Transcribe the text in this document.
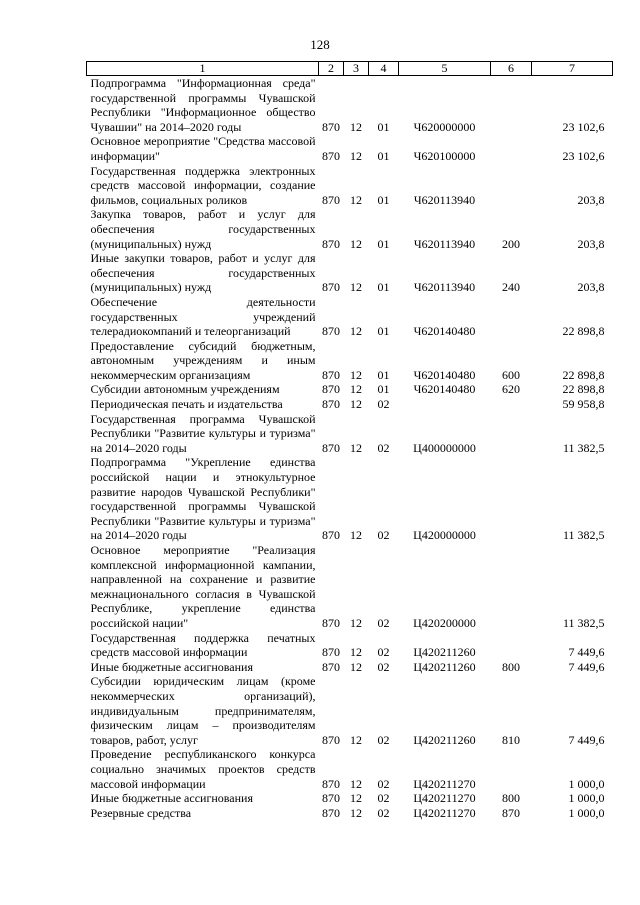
128
1	2	3	4	5	6	7
Подпрограмма "Информационная среда" государственной программы Чувашской Республики "Информационное общество Чувашии" на 2014–2020 годы	870	12	01	Ч620000000		23 102,6
Основное мероприятие "Средства массовой информации"	870	12	01	Ч620100000		23 102,6
Государственная поддержка электронных средств массовой информации, создание фильмов, социальных роликов	870	12	01	Ч620113940		203,8
Закупка товаров, работ и услуг для обеспечения государственных (муниципальных) нужд	870	12	01	Ч620113940	200	203,8
Иные закупки товаров, работ и услуг для обеспечения государственных (муниципальных) нужд	870	12	01	Ч620113940	240	203,8
Обеспечение деятельности государственных учреждений телерадиокомпаний и телеорганизаций	870	12	01	Ч620140480		22 898,8
Предоставление субсидий бюджетным, автономным учреждениям и иным некоммерческим организациям	870	12	01	Ч620140480	600	22 898,8
Субсидии автономным учреждениям	870	12	01	Ч620140480	620	22 898,8
Периодическая печать и издательства	870	12	02			59 958,8
Государственная программа Чувашской Республики "Развитие культуры и туризма" на 2014–2020 годы	870	12	02	Ц400000000		11 382,5
Подпрограмма "Укрепление единства российской нации и этнокультурное развитие народов Чувашской Республики" государственной программы Чувашской Республики "Развитие культуры и туризма" на 2014–2020 годы	870	12	02	Ц420000000		11 382,5
Основное мероприятие "Реализация комплексной информационной кампании, направленной на сохранение и развитие межнационального согласия в Чувашской Республике, укрепление единства российской нации"	870	12	02	Ц420200000		11 382,5
Государственная поддержка печатных средств массовой информации	870	12	02	Ц420211260		7 449,6
Иные бюджетные ассигнования	870	12	02	Ц420211260	800	7 449,6
Субсидии юридическим лицам (кроме некоммерческих организаций), индивидуальным предпринимателям, физическим лицам – производителям товаров, работ, услуг	870	12	02	Ц420211260	810	7 449,6
Проведение республиканского конкурса социально значимых проектов средств массовой информации	870	12	02	Ц420211270		1 000,0
Иные бюджетные ассигнования	870	12	02	Ц420211270	800	1 000,0
Резервные средства	870	12	02	Ц420211270	870	1 000,0
